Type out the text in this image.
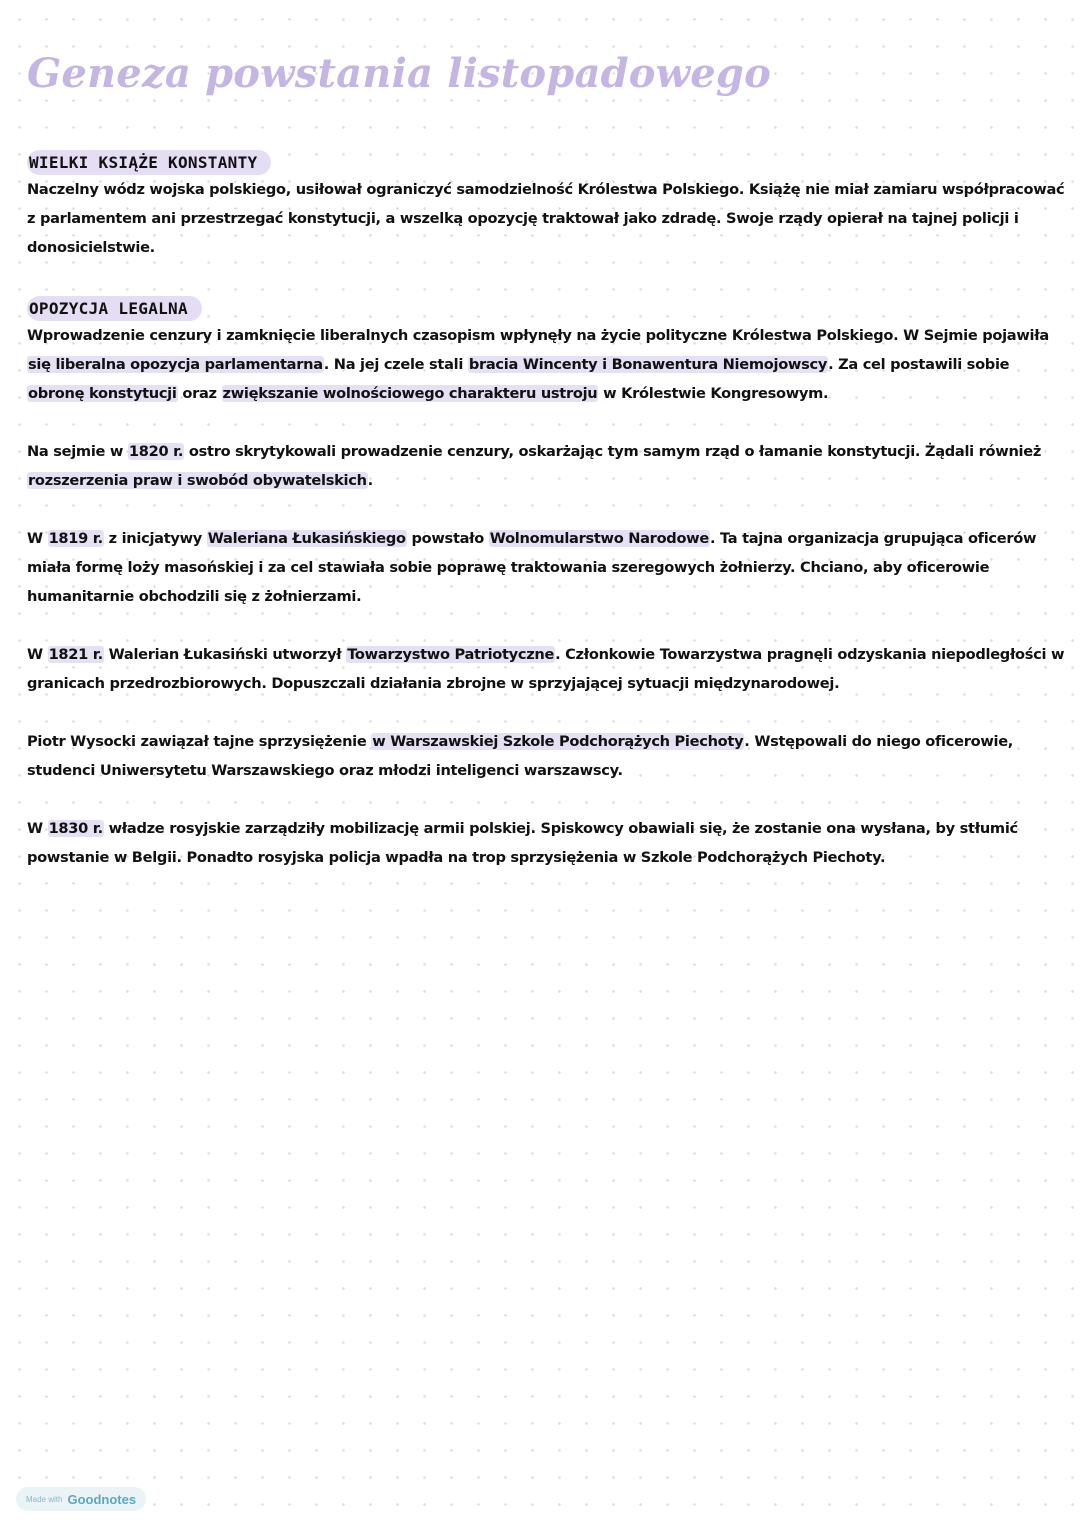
Geneza powstania listopadowego
WIELKI KSIĄŻE KONSTANTY

Naczelny wódz wojska polskiego, usiłował ograniczyć samodzielność Królestwa Polskiego. Książę nie miał zamiaru współpracować z parlamentem ani przestrzegać konstytucji, a wszelką opozycję traktował jako zdradę. Swoje rządy opierał na tajnej policji i donosicielstwie.

OPOZYCJA LEGALNA

Wprowadzenie cenzury i zamknięcie liberalnych czasopism wpłynęły na życie polityczne Królestwa Polskiego. W Sejmie pojawiła się liberalna opozycja parlamentarna. Na jej czele stali bracia Wincenty i Bonawentura Niemojowscy. Za cel postawili sobie obronę konstytucji oraz zwiększanie wolnościowego charakteru ustroju w Królestwie Kongresowym.

Na sejmie w 1820 r. ostro skrytykowali prowadzenie cenzury, oskarżając tym samym rząd o łamanie konstytucji. Żądali również rozszerzenia praw i swobód obywatelskich.

W 1819 r. z inicjatywy Waleriana Łukasińskiego powstało Wolnomularstwo Narodowe. Ta tajna organizacja grupująca oficerów miała formę loży masońskiej i za cel stawiała sobie poprawę traktowania szeregowych żołnierzy. Chciano, aby oficerowie humanitarnie obchodzili się z żołnierzami.

W 1821 r. Walerian Łukasiński utworzył Towarzystwo Patriotyczne. Członkowie Towarzystwa pragnęli odzyskania niepodległości w granicach przedrozbiorowych. Dopuszczali działania zbrojne w sprzyjającej sytuacji międzynarodowej.

Piotr Wysocki zawiązał tajne sprzysiężenie w Warszawskiej Szkole Podchorążych Piechoty. Wstępowali do niego oficerowie, studenci Uniwersytetu Warszawskiego oraz młodzi inteligenci warszawscy.

W 1830 r. władze rosyjskie zarządziły mobilizację armii polskiej. Spiskowcy obawiali się, że zostanie ona wysłana, by stłumić powstanie w Belgii. Ponadto rosyjska policja wpadła na trop sprzysiężenia w Szkole Podchorążych Piechoty.

Made with Goodnotes
